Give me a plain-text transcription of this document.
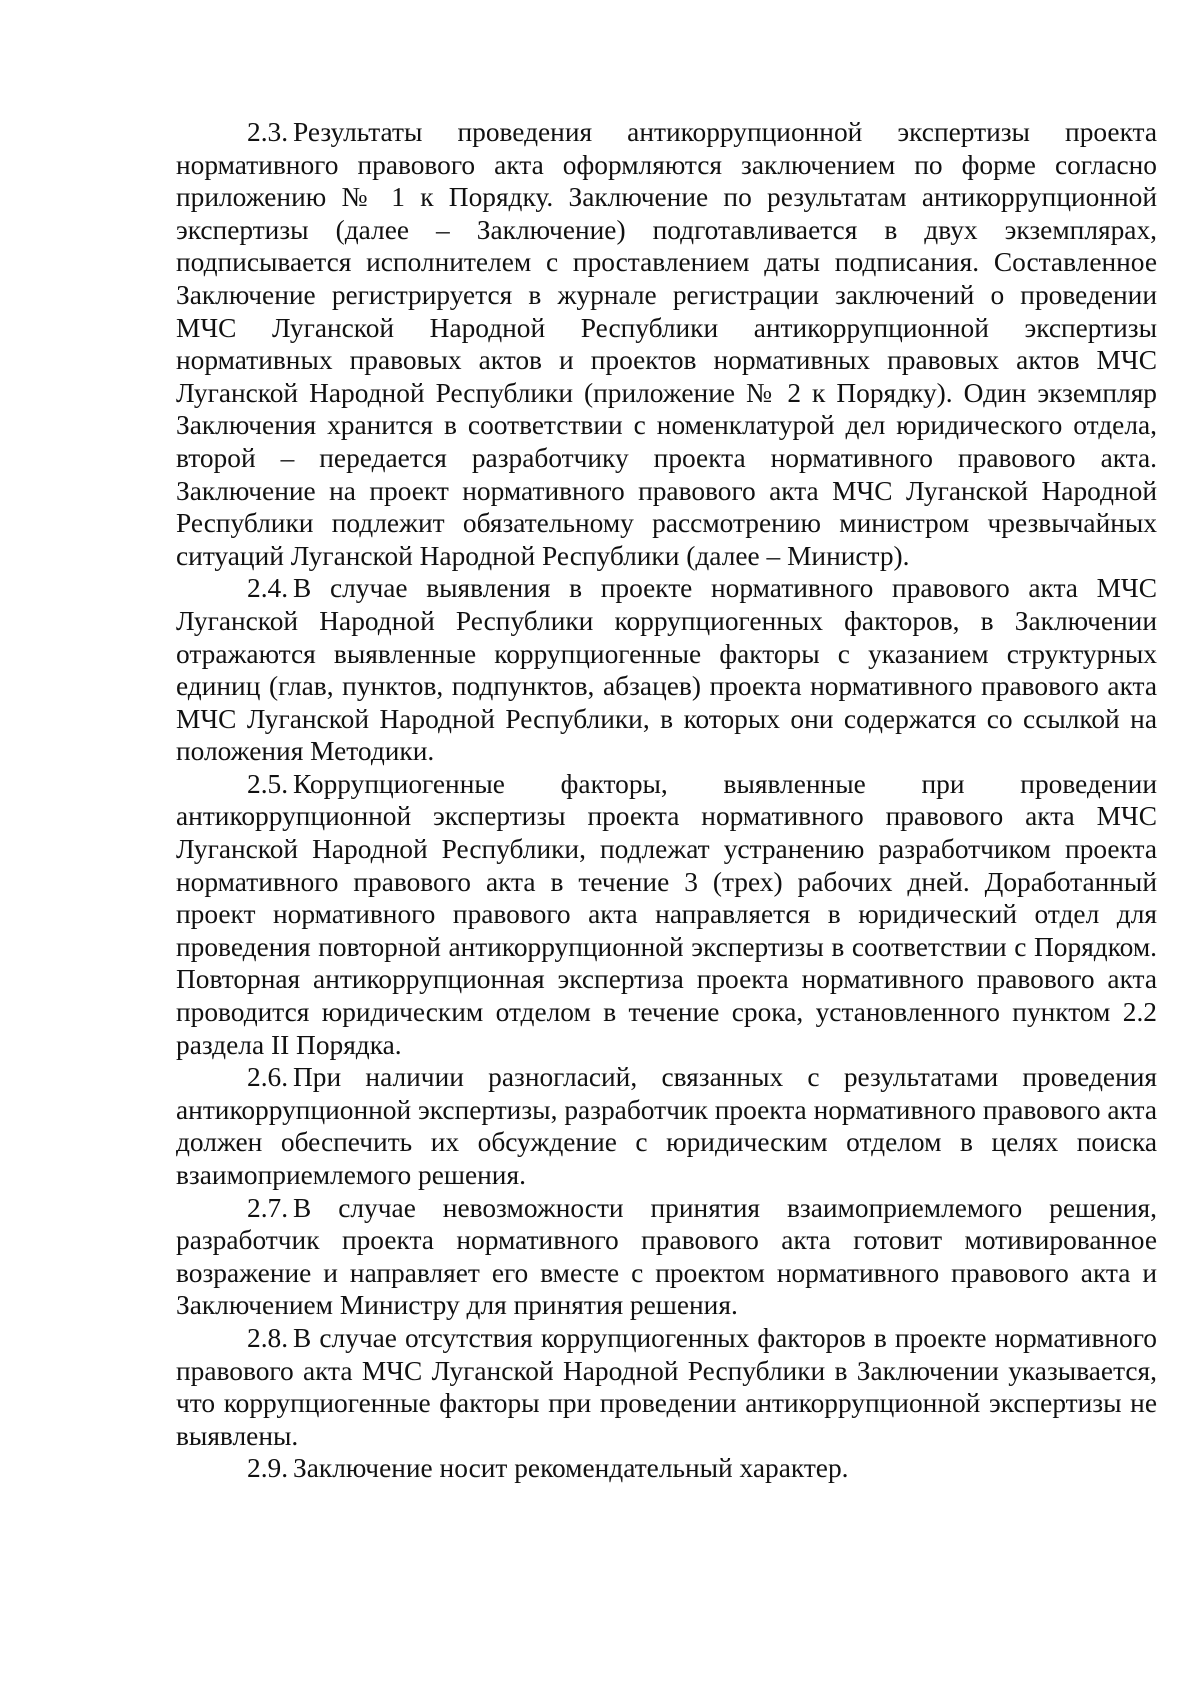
2.3. Результаты проведения антикоррупционной экспертизы проекта нормативного правового акта оформляются заключением по форме согласно приложению № 1 к Порядку. Заключение по результатам антикоррупционной экспертизы (далее – Заключение) подготавливается в двух экземплярах, подписывается исполнителем с проставлением даты подписания. Составленное Заключение регистрируется в журнале регистрации заключений о проведении МЧС Луганской Народной Республики антикоррупционной экспертизы нормативных правовых актов и проектов нормативных правовых актов МЧС Луганской Народной Республики (приложение № 2 к Порядку). Один экземпляр Заключения хранится в соответствии с номенклатурой дел юридического отдела, второй – передается разработчику проекта нормативного правового акта. Заключение на проект нормативного правового акта МЧС Луганской Народной Республики подлежит обязательному рассмотрению министром чрезвычайных ситуаций Луганской Народной Республики (далее – Министр).

2.4. В случае выявления в проекте нормативного правового акта МЧС Луганской Народной Республики коррупциогенных факторов, в Заключении отражаются выявленные коррупциогенные факторы с указанием структурных единиц (глав, пунктов, подпунктов, абзацев) проекта нормативного правового акта МЧС Луганской Народной Республики, в которых они содержатся со ссылкой на положения Методики.

2.5. Коррупциогенные факторы, выявленные при проведении антикоррупционной экспертизы проекта нормативного правового акта МЧС Луганской Народной Республики, подлежат устранению разработчиком проекта нормативного правового акта в течение 3 (трех) рабочих дней. Доработанный проект нормативного правового акта направляется в юридический отдел для проведения повторной антикоррупционной экспертизы в соответствии с Порядком. Повторная антикоррупционная экспертиза проекта нормативного правового акта проводится юридическим отделом в течение срока, установленного пунктом 2.2 раздела II Порядка.

2.6. При наличии разногласий, связанных с результатами проведения антикоррупционной экспертизы, разработчик проекта нормативного правового акта должен обеспечить их обсуждение с юридическим отделом в целях поиска взаимоприемлемого решения.

2.7. В случае невозможности принятия взаимоприемлемого решения, разработчик проекта нормативного правового акта готовит мотивированное возражение и направляет его вместе с проектом нормативного правового акта и Заключением Министру для принятия решения.

2.8. В случае отсутствия коррупциогенных факторов в проекте нормативного правового акта МЧС Луганской Народной Республики в Заключении указывается, что коррупциогенные факторы при проведении антикоррупционной экспертизы не выявлены.

2.9. Заключение носит рекомендательный характер.
